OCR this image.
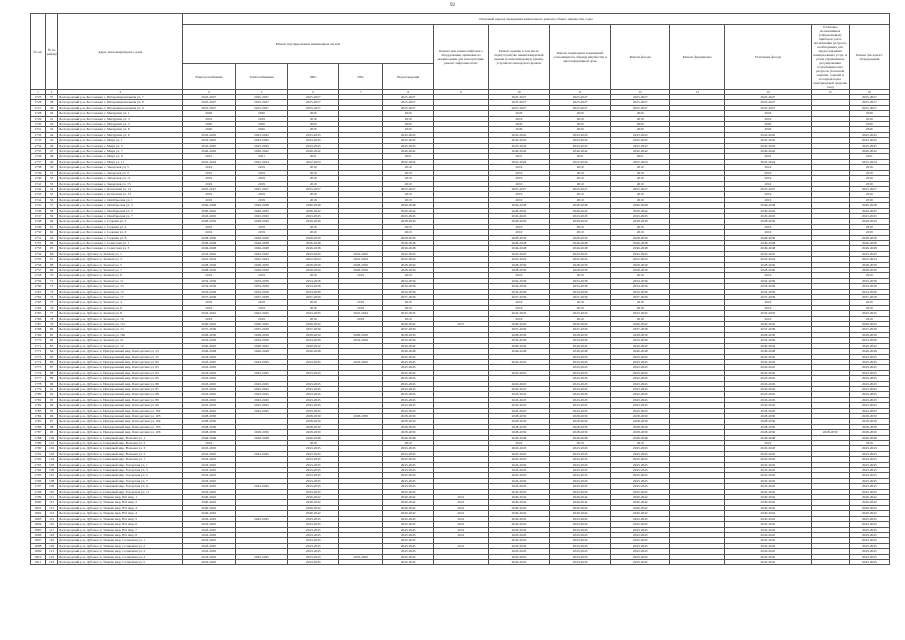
92
№ п/п	№ по району	Адрес многоквартирного дома	Плановый период проведения капитального ремонта общего имущества, годы												
			Ремонт внутридомовых инженерных систем					Ремонт или замена лифтового оборудования, признанного непригодным для эксплуатации, ремонт лифтовых шахт	Ремонт крыши, в том числе переустройство невентилируемой крыши на вентилируемую крышу, устройство выходов на кровлю	Ремонт подвальных помещений, относящихся к общему имуществу в многоквартирном доме	Ремонт фасада	Ремонт фундамента	Утепление фасада	Установка коллективных (общедомовых) приборов учета потребления ресурсов, необходимых для предоставления коммунальных услуг, и узлов управления и регулирования потребления этих ресурсов (тепловой энергии, горячей и холодной воды, электрической энергии, газа)	Ремонт фасадного оборудования
			Электроснабжения	Теплоснабжения	ХВС	ГВС	Водоотведения								
1	2	3	4	5	6	7	8	9	10	11	12	13	14	15	16
1725	37	Белгородский р-н, Бессоновка с, Интернациональная ул, 7	2025-2027	2025-2027	2025-2027		2025-2027		2025-2027	2025-2027	2025-2027		2025-2027		2025-2027
1726	38	Белгородский р-н, Бессоновка с, Интернациональная ул, 8	2025-2027	2025-2027	2025-2027		2025-2027		2025-2027	2025-2027	2025-2027		2025-2027		2025-2027
1727	39	Белгородский р-н, Бессоновка с, Интернациональная ул, 9	2025-2027	2025-2027	2025-2027		2025-2027		2025-2027	2025-2027	2025-2027		2025-2027		2025-2027
1728	40	Белгородский р-н, Бессоновка с, Мичурина ул, 1	2020	2020	2020		2020		2020	2020	2020		2020		2020
1729	41	Белгородский р-н, Бессоновка с, Мичурина ул, 3	2019	2019	2019		2019		2019	2019	2019		2019		2019
1730	42	Белгородский р-н, Бессоновка с, Мичурина ул, 5	2020	2020	2020		2020		2020	2020	2020		2020		2020
1731	43	Белгородский р-н, Бессоновка с, Мичурина ул, 8	2020	2020	2020		2020		2020	2020	2020		2020		2020
1732	44	Белгородский р-н, Бессоновка с, Мичурина ул, 9	2043-2045	2043-2045	2043-2045		2043-2045		2043-2045	2043-2045	2043-2045		2043-2045		2043-2045
1733	45	Белгородский р-н, Бессоновка с, Мира ул, 1	2043-2045	2043-2045	2043-2045		2043-2045		2043-2045	2043-2045	2043-2045		2043-2045		2043-2045
1734	46	Белгородский р-н, Бессоновка с, Мира ул, 5	2043-2045	2043-2045	2043-2045		2043-2045		2043-2045	2043-2045	2043-2045		2043-2045		2043-2045
1735	47	Белгородский р-н, Бессоновка с, Мира ул, 7	2040-2042	2040-2042	2040-2042		2040-2042		2040-2042	2040-2042	2040-2042		2040-2042		2040-2042
1736	48	Белгородский р-н, Бессоновка с, Мира ул, 9	2021	2021	2021		2021		2021	2021	2021		2021		2021
1737	49	Белгородский р-н, Бессоновка с, Мира ул, 11	2022-2024	2022-2024	2022-2024		2022-2024		2022-2024	2022-2024	2022-2024		2022-2024		2022-2024
1738	50	Белгородский р-н, Бессоновка с, Заводская ул, 5	2019	2019	2019		2019		2019	2019	2019		2019		2019
1739	51	Белгородский р-н, Бессоновка с, Заводская ул, 9	2019	2019	2019		2019		2019	2019	2019		2019		2019
1740	52	Белгородский р-н, Бессоновка с, Заводская ул, 11	2019	2019	2019		2019		2019	2019	2019		2019		2019
1741	53	Белгородский р-н, Бессоновка с, Заводская ул, 13	2019	2019	2019		2019		2019	2019	2019		2019		2019
1742	54	Белгородский р-н, Бессоновка с, Колхозная ул, 14	2025-2027	2025-2027	2025-2027		2025-2027		2025-2027	2025-2027	2025-2027		2025-2027		2025-2027
1743	55	Белгородский р-н, Бессоновка с, Колхозная ул, 15	2019	2019	2019		2019		2019	2019	2019		2019		2019
1744	56	Белгородский р-н, Бессоновка с, Октябрьская ул, 1	2019	2019	2019		2019		2019	2019	2019		2019		2019
1745	57	Белгородский р-н, Бессоновка с, Октябрьская ул, 3	2046-2048	2046-2048	2046-2048		2046-2048		2046-2048	2046-2048	2046-2048		2046-2048		2046-2048
1746	58	Белгородский р-н, Бессоновка с, Октябрьская ул, 5	2040-2042	2040-2042	2040-2042		2040-2042		2040-2042	2040-2042	2040-2042		2040-2042		2040-2042
1747	59	Белгородский р-н, Бессоновка с, Октябрьская ул, 7	2043-2045	2043-2045	2043-2045		2043-2045		2043-2045	2043-2045	2043-2045		2043-2045		2043-2045
1748	60	Белгородский р-н, Бессоновка с, Садовая ул, 2	2028-2030	2028-2030	2028-2030		2028-2030		2028-2030	2028-2030	2028-2030		2028-2030		2028-2030
1749	61	Белгородский р-н, Бессоновка с, Садовая ул, 4	2019	2019	2019		2019		2019	2019	2019		2019		2019
1750	62	Белгородский р-н, Бессоновка с, Садовая ул, 6	2019	2019	2019		2019		2019	2019	2019		2019		2019
1751	63	Белгородский р-н, Бессоновка с, Садовая ул, 8	2028-2030	2028-2030	2028-2030		2028-2030		2028-2030	2028-2030	2028-2030		2028-2030		2028-2030
1752	64	Белгородский р-н, Бессоновка с, Советская ул, 1	2046-2048	2046-2048	2046-2048		2046-2048		2046-2048	2046-2048	2046-2048		2046-2048		2046-2048
1753	65	Белгородский р-н, Бессоновка с, Советская ул, 3	2046-2048	2046-2048	2046-2048		2046-2048		2046-2048	2046-2048	2046-2048		2046-2048		2046-2048
1754	66	Белгородский р-н, Дубовое п, Зеленая ул, 1	2043-2045	2043-2045	2043-2045	2043-2045	2043-2045		2043-2045	2043-2045	2043-2045		2043-2045		2043-2045
1755	67	Белгородский р-н, Дубовое п, Зеленая ул, 3	2022-2024	2022-2024	2022-2024	2022-2024	2022-2024		2022-2024	2022-2024	2022-2024		2022-2024		2022-2024
1756	68	Белгородский р-н, Дубовое п, Зеленая ул, 5	2028-2030	2028-2030	2028-2030	2028-2030	2028-2030		2028-2030	2028-2030	2028-2030		2028-2030		2028-2030
1757	69	Белгородский р-н, Дубовое п, Зеленая ул, 7	2028-2030	2028-2030	2028-2030	2028-2030	2028-2030		2028-2030	2028-2030	2028-2030		2028-2030		2028-2030
1758	70	Белгородский р-н, Дубовое п, Зеленая ул, 9	2019	2019	2019	2019	2019		2019	2019	2019		2019		2019
1759	71	Белгородский р-н, Дубовое п, Зеленая ул, 11	2034-2036	2034-2036	2034-2036		2034-2036		2034-2036	2034-2036	2034-2036		2034-2036		2034-2036
1760	72	Белгородский р-н, Дубовое п, Зеленая ул, 13	2034-2036	2034-2036	2034-2036		2034-2036		2034-2036	2034-2036	2034-2036		2034-2036		2034-2036
1761	73	Белгородский р-н, Дубовое п, Зеленая ул, 15	2034-2036	2034-2036	2034-2036		2034-2036		2034-2036	2034-2036	2034-2036		2034-2036		2034-2036
1762	74	Белгородский р-н, Дубовое п, Зеленая ул, 17	2037-2039	2037-2039	2037-2039		2037-2039		2037-2039	2037-2039	2037-2039		2037-2039		2037-2039
1763	75	Белгородский р-н, Дубовое п, Зеленая ул, 4	2019	2019	2019	2019	2019		2019	2019	2019		2019		2019
1764	76	Белгородский р-н, Дубовое п, Зеленая ул, 6	2019	2019	2019	2019	2019		2019	2019	2019		2019		2019
1765	77	Белгородский р-н, Дубовое п, Зеленая ул, 8	2043-2045	2043-2045	2043-2045	2043-2045	2043-2045		2043-2045	2043-2045	2043-2045		2043-2045		2043-2045
1766	78	Белгородский р-н, Дубовое п, Зеленая ул, 10	2019	2019	2019	2019	2019		2019	2019	2019		2019		2019
1767	79	Белгородский р-н, Дубовое п, Зеленая ул, 11а	2040-2042	2040-2042	2040-2042		2040-2042	2037	2040-2042	2040-2042	2040-2042		2040-2042		2040-2042
1768	80	Белгородский р-н, Дубовое п, Зеленая ул, 13	2037-2039	2037-2039	2037-2039		2037-2039		2037-2039	2037-2039	2037-2039		2037-2039		2037-2039
1769	81	Белгородский р-н, Дубовое п, Зеленая ул, 18а	2028-2030	2028-2030	2028-2030	2028-2030	2028-2030		2028-2030	2028-2030	2028-2030		2028-2030		2028-2030
1770	82	Белгородский р-н, Дубовое п, Зеленая ул, 21	2034-2036	2034-2036	2034-2036	2034-2036	2034-2036		2034-2036	2034-2036	2034-2036		2034-2036		2034-2036
1771	83	Белгородский р-н, Дубовое п, Зеленая ул, 12	2040-2042	2040-2042	2040-2042		2040-2042		2040-2042	2040-2042	2040-2042		2040-2042		2040-2042
1772	84	Белгородский р-н, Дубовое п, Придорожный мкр, Благодатная ул, 33	2046-2048	2046-2048	2046-2048		2046-2048		2046-2048	2046-2048	2046-2048		2046-2048		2046-2048
1773	85	Белгородский р-н, Дубовое п, Придорожный мкр, Благодатная ул, 35	2043-2045				2043-2045			2043-2045	2043-2045		2043-2045		2043-2045
1774	86	Белгородский р-н, Дубовое п, Придорожный мкр, Благодатная ул, 82	2043-2045	2043-2045	2043-2045	2043-2045	2043-2045		2043-2045	2043-2045	2043-2045		2043-2045		2043-2045
1775	87	Белгородский р-н, Дубовое п, Придорожный мкр, Благодатная ул, 83	2043-2045				2043-2045			2043-2045	2043-2045		2043-2045		2043-2045
1776	88	Белгородский р-н, Дубовое п, Придорожный мкр, Благодатная ул, 84	2043-2045	2043-2045	2043-2045		2043-2045		2043-2045	2043-2045	2043-2045		2043-2045		2043-2045
1777	89	Белгородский р-н, Дубовое п, Придорожный мкр, Благодатная ул, 85	2043-2045				2043-2045			2043-2045	2043-2045		2043-2045		2043-2045
1778	90	Белгородский р-н, Дубовое п, Придорожный мкр, Благодатная ул, 86	2043-2045	2043-2045	2043-2045		2043-2045		2043-2045	2043-2045	2043-2045		2043-2045		2043-2045
1779	91	Белгородский р-н, Дубовое п, Придорожный мкр, Благодатная ул, 87	2043-2045	2043-2045	2043-2045		2043-2045		2043-2045	2043-2045	2043-2045		2043-2045		2043-2045
1780	92	Белгородский р-н, Дубовое п, Придорожный мкр, Благодатная ул, 88	2043-2045	2043-2045	2043-2045		2043-2045		2043-2045	2043-2045	2043-2045		2043-2045		2043-2045
1781	93	Белгородский р-н, Дубовое п, Придорожный мкр, Благодатная ул, 89	2043-2045	2043-2045	2043-2045		2043-2045		2043-2045	2043-2045	2043-2045		2043-2045		2043-2045
1782	94	Белгородский р-н, Дубовое п, Придорожный мкр, Благодатная ул, 90	2043-2045	2043-2045	2043-2045		2043-2045		2043-2045	2043-2045	2043-2045		2043-2045		2043-2045
1783	95	Белгородский р-н, Дубовое п, Придорожный мкр, Благодатная ул, 102	2043-2045	2043-2045	2043-2045		2043-2045		2043-2045	2043-2045	2043-2045		2043-2045		2043-2045
1784	96	Белгородский р-н, Дубовое п, Придорожный мкр, Благодатная ул, 103	2028-2030		2028-2030	2028-2030	2028-2030		2028-2030	2028-2030	2028-2030		2028-2030		2028-2030
1785	97	Белгородский р-н, Дубовое п, Придорожный мкр, Благодатная ул, 104	2028-2030		2028-2030		2028-2030		2028-2030	2028-2030	2028-2030		2028-2030		2028-2030
1786	98	Белгородский р-н, Дубовое п, Придорожный мкр, Благодатная ул, 105	2028-2030		2028-2030		2028-2030		2028-2030	2028-2030	2028-2030		2028-2030		2028-2030
1787	99	Белгородский р-н, Дубовое п, Придорожный мкр, Благодатная ул, 106	2028-2030	2028-2030	2028-2030		2028-2030		2028-2030	2028-2030	2028-2030		2028-2030	2028-2030	2028-2030
1788	100	Белгородский р-н, Дубовое п, Северный мкр, Вольная ул, 1	2046-2048	2046-2048	2046-2048		2046-2048		2046-2048	2046-2048	2046-2048		2046-2048		2046-2048
1789	101	Белгородский р-н, Дубовое п, Северный мкр, Вольная ул, 2	2019		2019		2019		2019	2019	2019		2019		2019
1790	102	Белгородский р-н, Дубовое п, Северный мкр, Вольная ул, 3	2043-2045		2043-2045		2043-2045		2043-2045	2043-2045	2043-2045		2043-2045		2043-2045
1791	103	Белгородский р-н, Дубовое п, Северный мкр, Вольная ул, 5	2043-2045	2043-2045	2043-2045		2043-2045		2043-2045	2043-2045	2043-2045		2043-2045		2043-2045
1792	104	Белгородский р-н, Дубовое п, Северный мкр, Вольная ул, 7	2043-2045		2043-2045		2043-2045		2043-2045	2043-2045	2043-2045		2043-2045		2043-2045
1793	105	Белгородский р-н, Дубовое п, Северный мкр, Городская ул, 1	2043-2045		2043-2045		2043-2045		2043-2045	2043-2045	2043-2045		2043-2045		2043-2045
1794	106	Белгородский р-н, Дубовое п, Северный мкр, Городская ул, 3	2043-2045		2043-2045		2043-2045		2043-2045	2043-2045	2043-2045		2043-2045		2043-2045
1795	107	Белгородский р-н, Дубовое п, Северный мкр, Городская ул, 5	2043-2045		2043-2045		2043-2045		2043-2045	2043-2045	2043-2045		2043-2045		2043-2045
1796	108	Белгородский р-н, Дубовое п, Северный мкр, Городская ул, 7	2043-2045		2043-2045		2043-2045		2043-2045	2043-2045	2043-2045		2043-2045		2043-2045
1797	109	Белгородский р-н, Дубовое п, Северный мкр, Городская ул, 9	2043-2045	2043-2045	2043-2045		2043-2045		2043-2045	2043-2045	2043-2045		2043-2045		2043-2045
1798	110	Белгородский р-н, Дубовое п, Северный мкр, Городская ул, 11	2043-2045		2043-2045		2043-2045		2043-2045	2043-2045	2043-2045		2043-2045		2043-2045
1799	111	Белгородский р-н, Дубовое п, Ушкова мкр, Ю1 мкр, 1	2040-2042		2040-2042		2040-2042	2041	2040-2042	2040-2042	2040-2042		2040-2042		2040-2042
1800	112	Белгородский р-н, Дубовое п, Ушкова мкр, Ю1 мкр, 2	2040-2042		2040-2042		2040-2042	2041	2040-2042	2040-2042	2040-2042		2040-2042		2040-2042
1801	113	Белгородский р-н, Дубовое п, Ушкова мкр, Ю1 мкр, 3	2040-2042		2040-2042		2040-2042	2041	2040-2042	2040-2042	2040-2042		2040-2042		2040-2042
1802	114	Белгородский р-н, Дубовое п, Ушкова мкр, Ю1 мкр, 4	2040-2042		2040-2042		2040-2042	2041	2040-2042	2040-2042	2040-2042		2040-2042		2040-2042
1803	115	Белгородский р-н, Дубовое п, Ушкова мкр, Ю1 мкр, 5	2043-2045	2043-2045	2043-2045		2043-2045	2041	2043-2045	2043-2045	2043-2045		2043-2045		2043-2045
1804	116	Белгородский р-н, Дубовое п, Ушкова мкр, Ю1 мкр, 6	2043-2045		2043-2045		2043-2045	2041	2043-2045	2043-2045	2043-2045		2043-2045		2043-2045
1805	117	Белгородский р-н, Дубовое п, Ушкова мкр, Ю1 мкр, 7	2043-2045		2043-2045		2043-2045	2041	2043-2045	2043-2045	2043-2045		2043-2045		2043-2045
1806	118	Белгородский р-н, Дубовое п, Ушкова мкр, Ю1 мкр, 8	2043-2045		2043-2045		2043-2045	2041	2043-2045	2043-2045	2043-2045		2043-2045		2043-2045
1807	119	Белгородский р-н, Дубовое п, Ушкова мкр, Солнечная ул, 1	2043-2045		2043-2045		2043-2045		2043-2045	2043-2045	2043-2045		2043-2045		2043-2045
1808	120	Белгородский р-н, Дубовое п, Ушкова мкр, Солнечная ул, 2	2043-2045		2043-2045		2043-2045	2041	2043-2045	2043-2045	2043-2045		2043-2045		2043-2045
1809	121	Белгородский р-н, Дубовое п, Ушкова мкр, Солнечная ул, 3	2043-2045		2043-2045		2043-2045		2043-2045	2043-2045	2043-2045		2043-2045		2043-2045
1810	122	Белгородский р-н, Дубовое п, Ушкова мкр, Солнечная ул, 4	2043-2045	2043-2045	2043-2045	2043-2045	2043-2045		2043-2045	2043-2045	2043-2045		2043-2045		2043-2045
1811	123	Белгородский р-н, Дубовое п, Ушкова мкр, Солнечная ул, 5	2043-2045		2043-2045		2043-2045		2043-2045	2043-2045	2043-2045		2043-2045		2043-2045
